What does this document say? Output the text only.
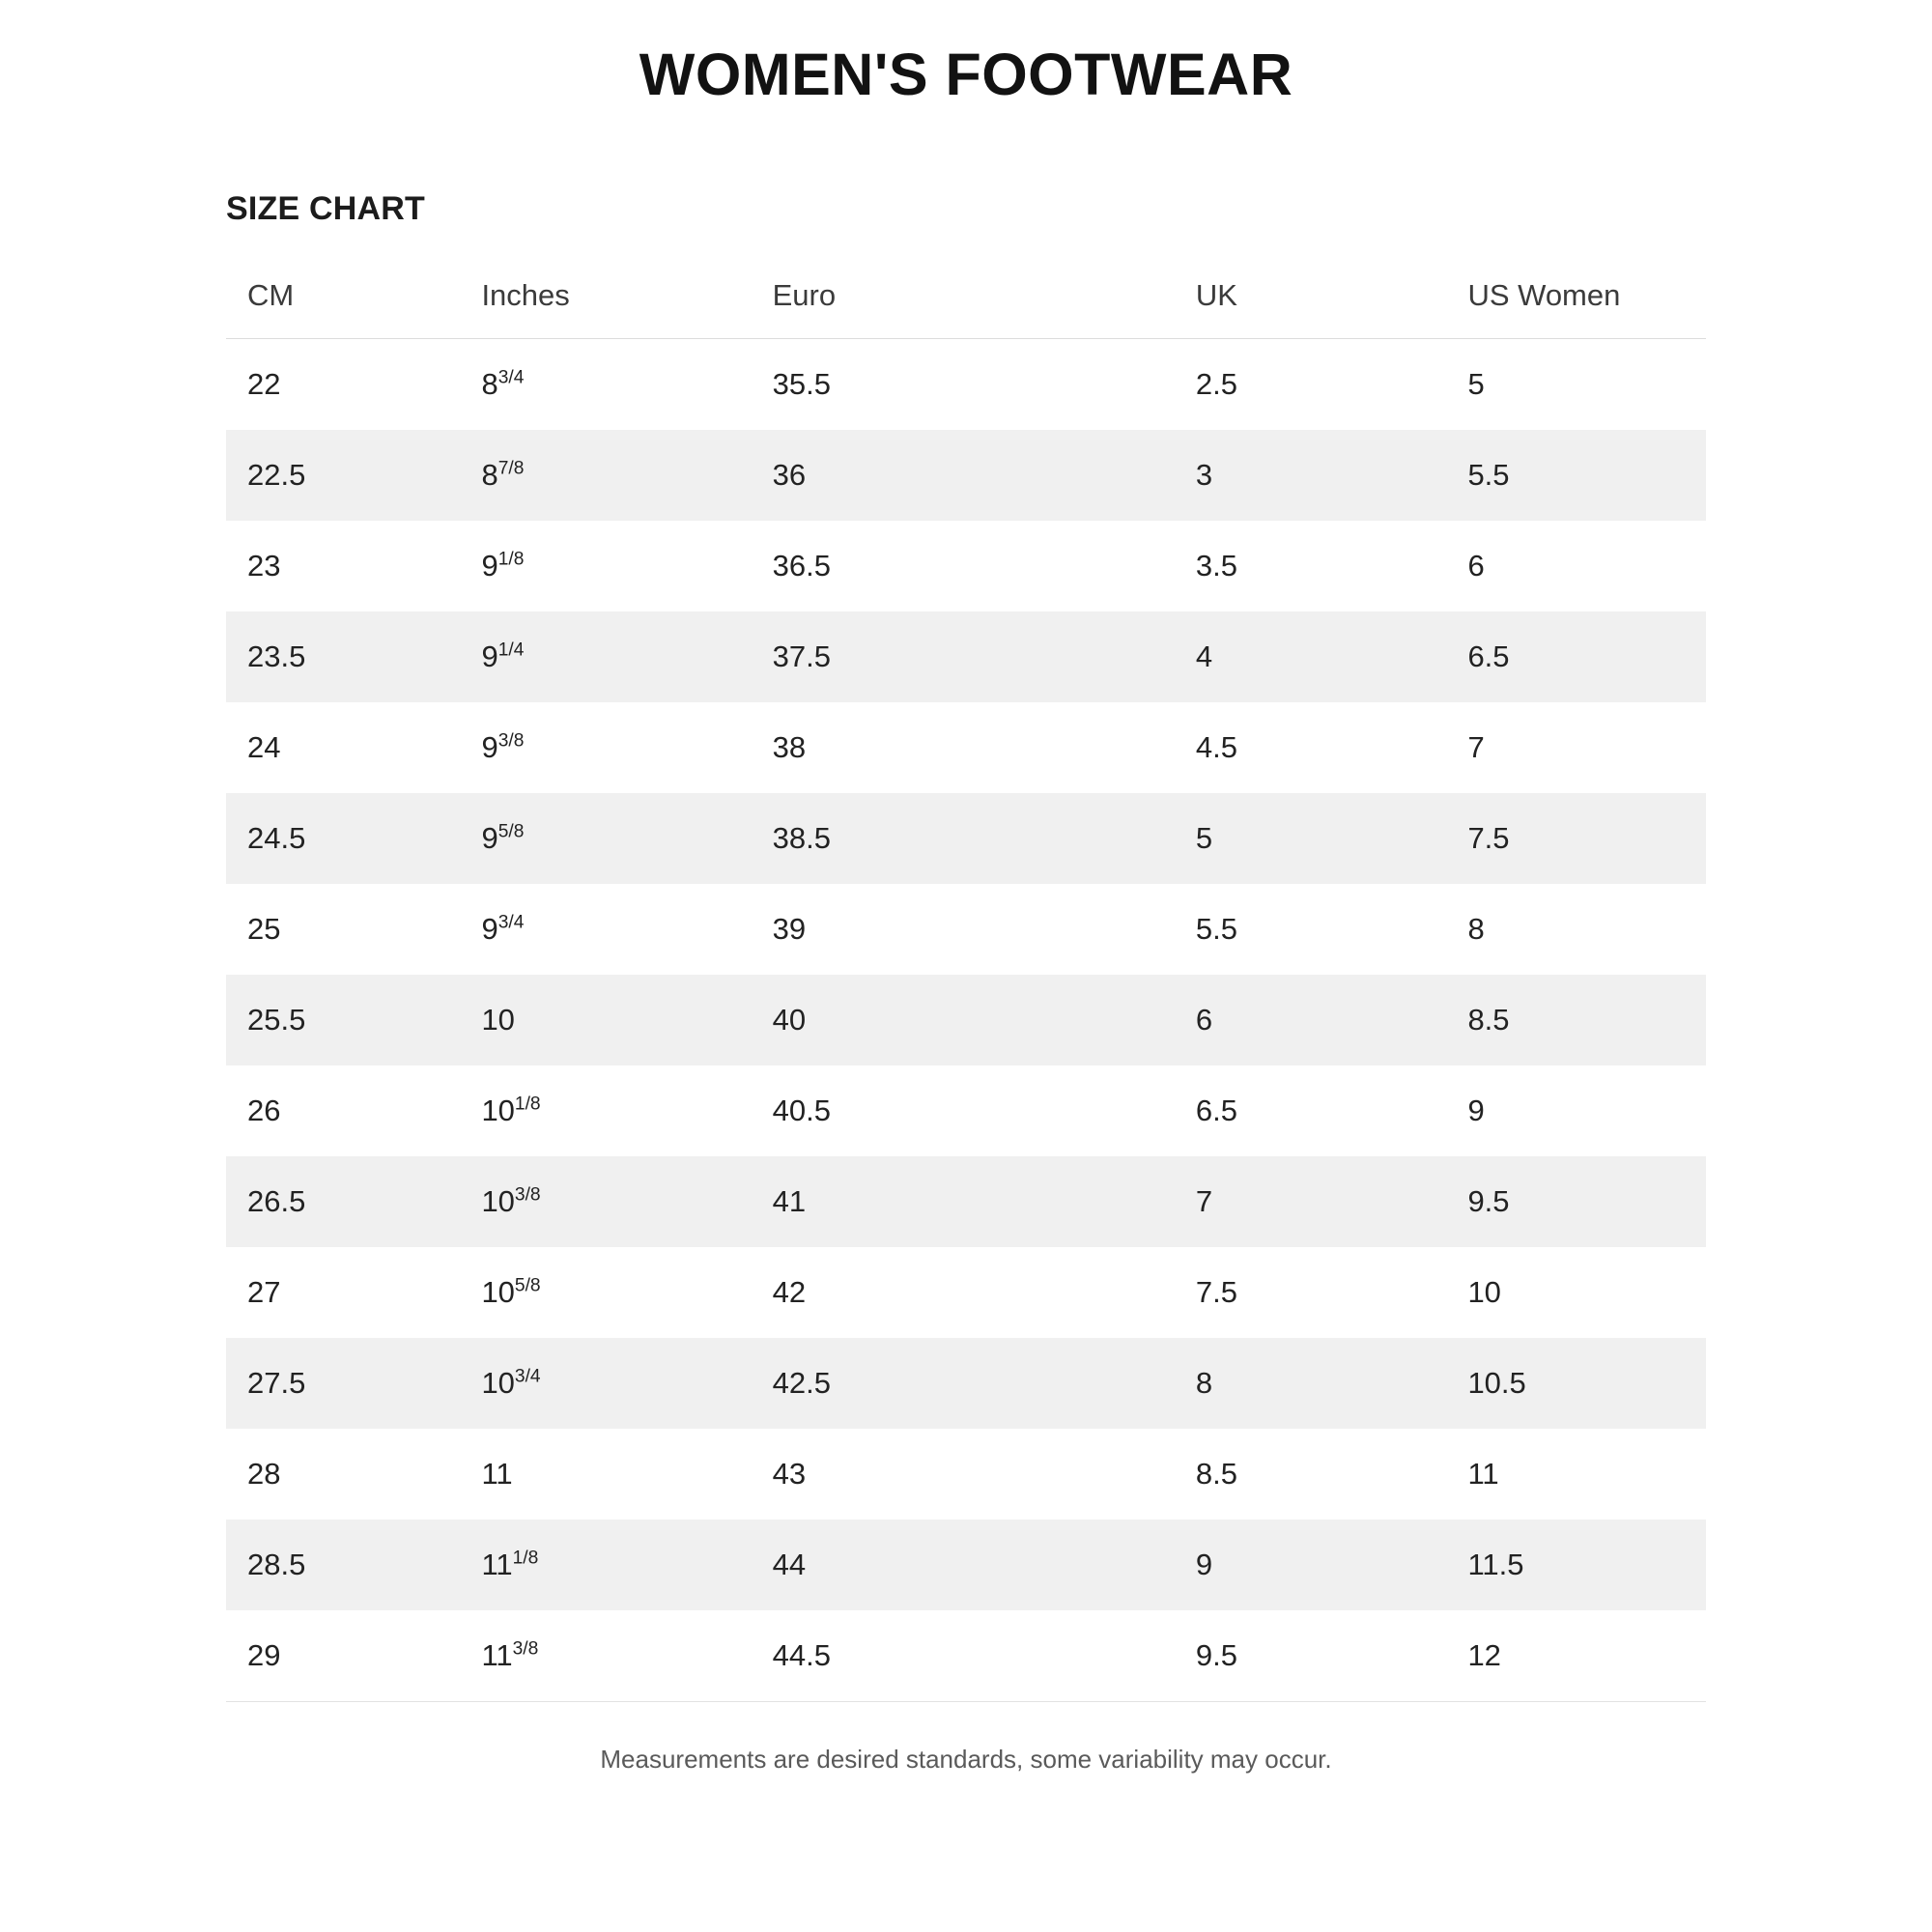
WOMEN'S FOOTWEAR
SIZE CHART
CM	Inches	Euro	UK	US Women
22	$8^{3/4}$	35.5	2.5	5
22.5	$8^{7/8}$	36	3	5.5
23	$9^{1/8}$	36.5	3.5	6
23.5	$9^{1/4}$	37.5	4	6.5
24	$9^{3/8}$	38	4.5	7
24.5	$9^{5/8}$	38.5	5	7.5
25	$9^{3/4}$	39	5.5	8
25.5	10	40	6	8.5
26	$10^{1/8}$	40.5	6.5	9
26.5	$10^{3/8}$	41	7	9.5
27	$10^{5/8}$	42	7.5	10
27.5	$10^{3/4}$	42.5	8	10.5
28	11	43	8.5	11
28.5	$11^{1/8}$	44	9	11.5
29	$11^{3/8}$	44.5	9.5	12
Measurements are desired standards, some variability may occur.
